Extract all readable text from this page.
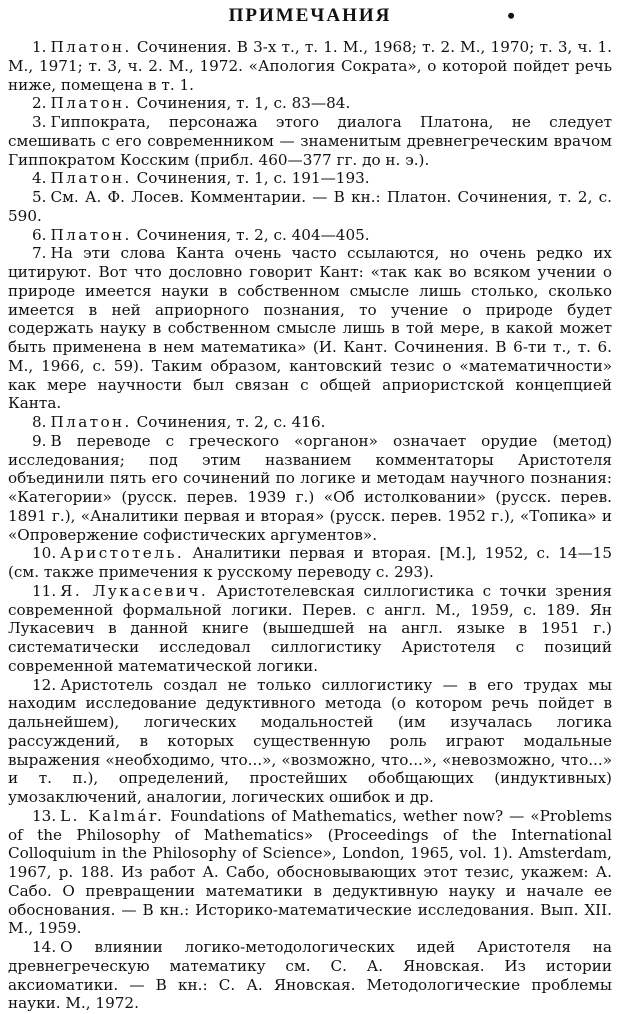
ПРИМЕЧАНИЯ	•
1. Платон. Сочинения. В 3-х т., т. 1. М., 1968; т. 2. М., 1970; т. 3, ч. 1. М., 1971; т. 3, ч. 2. М., 1972. «Апология Сократа», о которой пойдет речь ниже, помещена в т. 1.
2. Платон. Сочинения, т. 1, с. 83—84.
3. Гиппократа, персонажа этого диалога Платона, не следует смешивать с его современником — знаменитым древнегреческим врачом Гиппократом Косским (прибл. 460—377 гг. до н. э.).
4. Платон. Сочинения, т. 1, с. 191—193.
5. См. А. Ф. Лосев. Комментарии. — В кн.: Платон. Сочинения, т. 2, с. 590.
6. Платон. Сочинения, т. 2, с. 404—405.
7. На эти слова Канта очень часто ссылаются, но очень редко их цитируют. Вот что дословно говорит Кант: «так как во всяком учении о природе имеется науки в собственном смысле лишь столько, сколько имеется в ней априорного познания, то учение о природе будет содержать науку в собственном смысле лишь в той мере, в какой может быть применена в нем математика» (И. Кант. Сочинения. В 6-ти т., т. 6. М., 1966, с. 59). Таким образом, кантовский тезис о «математичности» как мере научности был связан с общей априористской концепцией Канта.
8. Платон. Сочинения, т. 2, с. 416.
9. В переводе с греческого «органон» означает орудие (метод) исследования; под этим названием комментаторы Аристотеля объединили пять его сочинений по логике и методам научного познания: «Категории» (русск. перев. 1939 г.) «Об истолковании» (русск. перев. 1891 г.), «Аналитики первая и вторая» (русск. перев. 1952 г.), «Топика» и «Опровержение софистических аргументов».
10. Аристотель. Аналитики первая и вторая. [М.], 1952, с. 14—15 (см. также примечения к русскому переводу с. 293).
11. Я. Лукасевич. Аристотелевская силлогистика с точки зрения современной формальной логики. Перев. с англ. М., 1959, с. 189. Ян Лукасевич в данной книге (вышедшей на англ. языке в 1951 г.) систематически исследовал силлогистику Аристотеля с позиций современной математической логики.
12. Аристотель создал не только силлогистику — в его трудах мы находим исследование дедуктивного метода (о котором речь пойдет в дальнейшем), логических модальностей (им изучалась логика рассуждений, в которых существенную роль играют модальные выражения «необходимо, что...», «возможно, что...», «невозможно, что...» и т. п.), определений, простейших обобщающих (индуктивных) умозаключений, аналогии, логических ошибок и др.
13. L. Kalmár. Foundations of Mathematics, wether now? — «Problems of the Philosophy of Mathematics» (Proceedings of the International Colloquium in the Philosophy of Science», London, 1965, vol. 1). Amsterdam, 1967, p. 188. Из работ А. Сабо, обосновывающих этот тезис, укажем: А. Сабо. О превращении математики в дедуктивную науку и начале ее обоснования. — В кн.: Историко-математические исследования. Вып. XII. М., 1959.
14. О влиянии логико-методологических идей Аристотеля на древнегреческую математику см. С. А. Яновская. Из истории аксиоматики. — В кн.: С. А. Яновская. Методологические проблемы науки. М., 1972.
